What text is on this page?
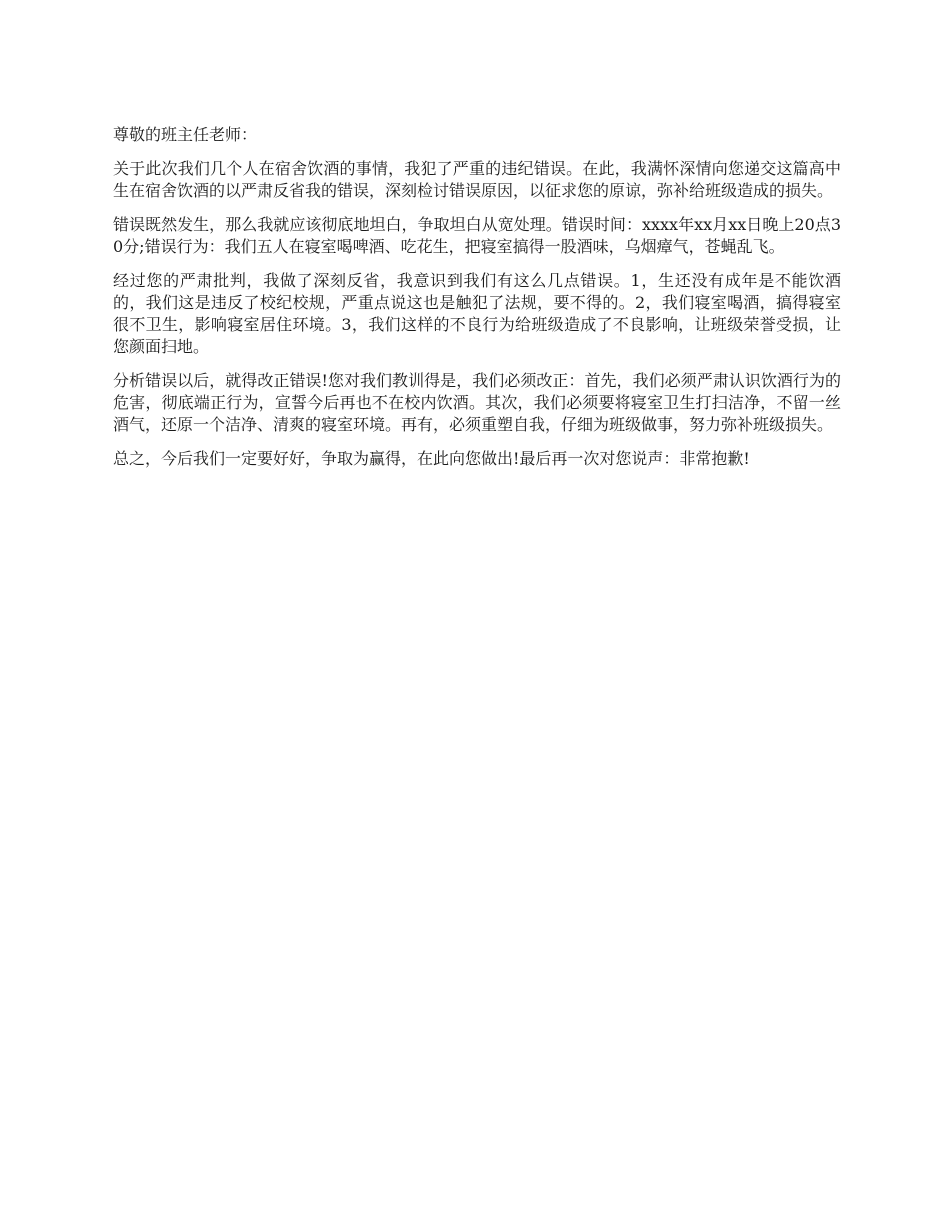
尊敬的班主任老师：

关于此次我们几个人在宿舍饮酒的事情，我犯了严重的违纪错误。在此，我满怀深情向您递交这篇高中生在宿舍饮酒的以严肃反省我的错误，深刻检讨错误原因，以征求您的原谅，弥补给班级造成的损失。

错误既然发生，那么我就应该彻底地坦白，争取坦白从宽处理。错误时间：xxxx年xx月xx日晚上20点30分;错误行为：我们五人在寝室喝啤酒、吃花生，把寝室搞得一股酒味，乌烟瘴气，苍蝇乱飞。

经过您的严肃批判，我做了深刻反省，我意识到我们有这么几点错误。1，生还没有成年是不能饮酒的，我们这是违反了校纪校规，严重点说这也是触犯了法规，要不得的。2，我们寝室喝酒，搞得寝室很不卫生，影响寝室居住环境。3，我们这样的不良行为给班级造成了不良影响，让班级荣誉受损，让您颜面扫地。

分析错误以后，就得改正错误!您对我们教训得是，我们必须改正：首先，我们必须严肃认识饮酒行为的危害，彻底端正行为，宣誓今后再也不在校内饮酒。其次，我们必须要将寝室卫生打扫洁净，不留一丝酒气，还原一个洁净、清爽的寝室环境。再有，必须重塑自我，仔细为班级做事，努力弥补班级损失。

总之，今后我们一定要好好，争取为赢得，在此向您做出!最后再一次对您说声：非常抱歉!
